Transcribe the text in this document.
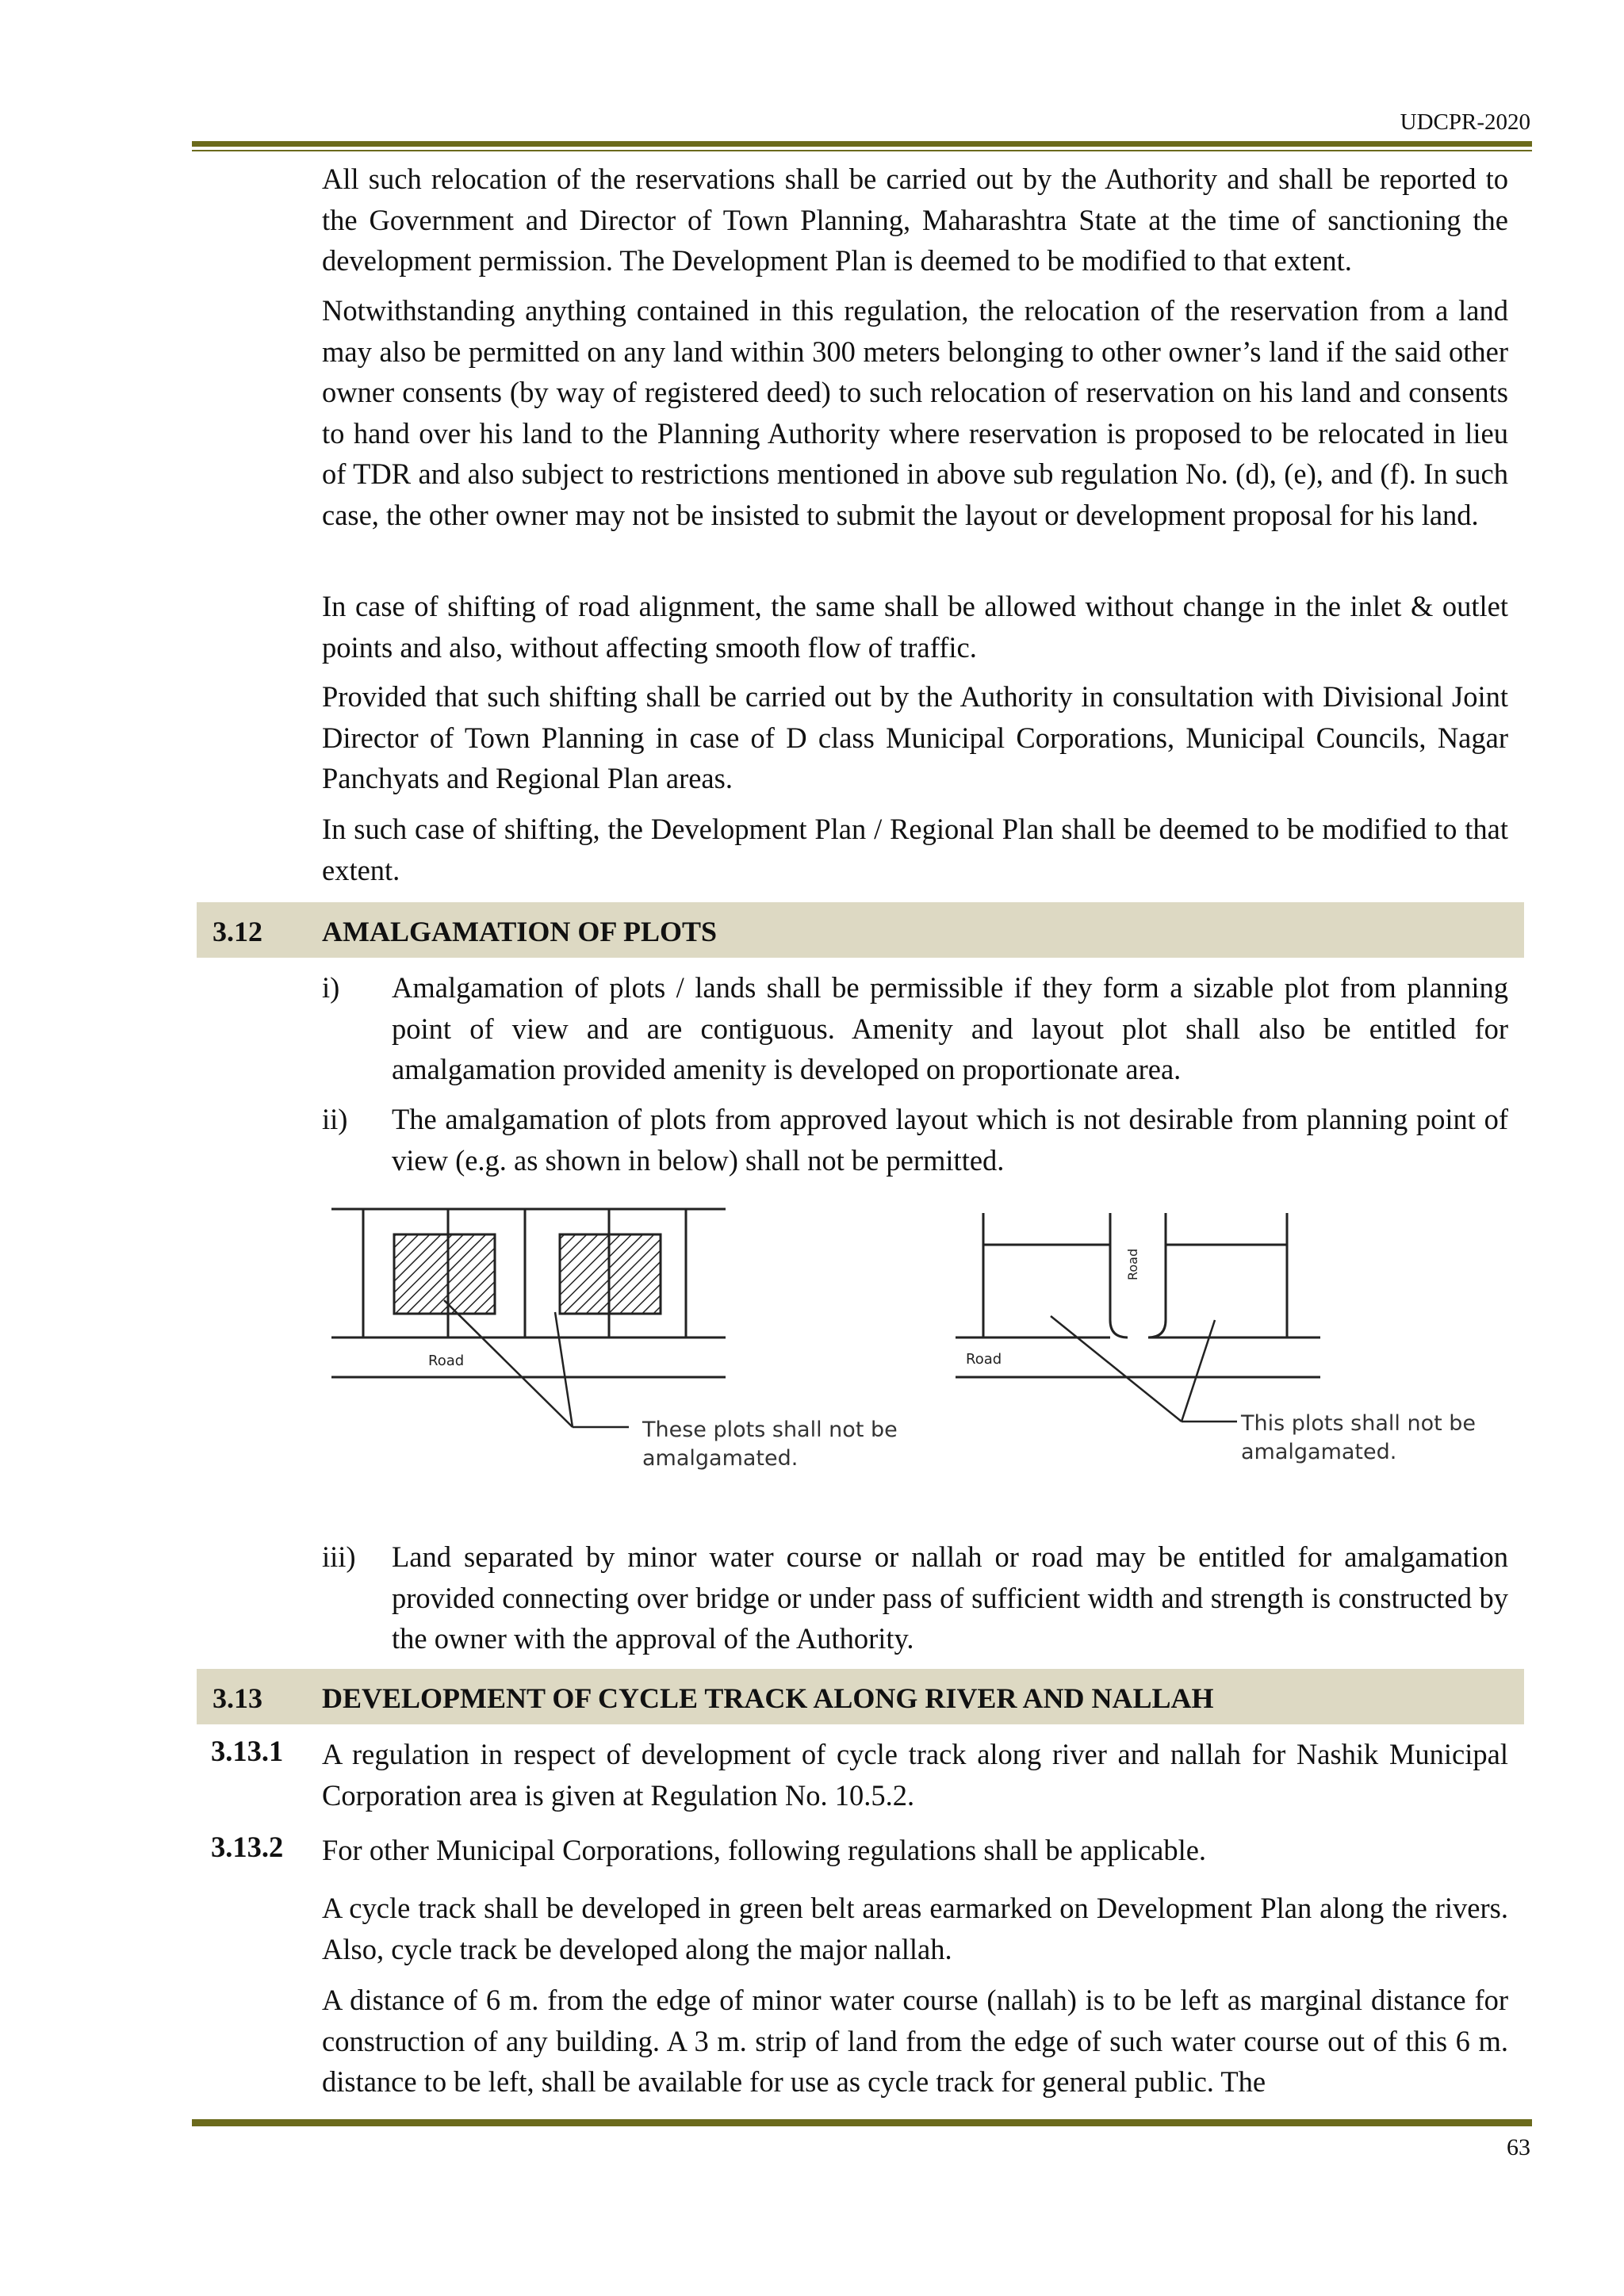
UDCPR-2020

All such relocation of the reservations shall be carried out by the Authority and shall be reported to the Government and Director of Town Planning, Maharashtra State at the time of sanctioning the development permission. The Development Plan is deemed to be modified to that extent.

Notwithstanding anything contained in this regulation, the relocation of the reservation from a land may also be permitted on any land within 300 meters belonging to other owner’s land if the said other owner consents (by way of registered deed) to such relocation of reservation on his land and consents to hand over his land to the Planning Authority where reservation is proposed to be relocated in lieu of TDR and also subject to restrictions mentioned in above sub regulation No. (d), (e), and (f). In such case, the other owner may not be insisted to submit the layout or development proposal for his land.

In case of shifting of road alignment, the same shall be allowed without change in the inlet & outlet points and also, without affecting smooth flow of traffic.

Provided that such shifting shall be carried out by the Authority in consultation with Divisional Joint Director of Town Planning in case of D class Municipal Corporations, Municipal Councils, Nagar Panchyats and Regional Plan areas.

In such case of shifting, the Development Plan / Regional Plan shall be deemed to be modified to that extent.

3.12 AMALGAMATION OF PLOTS
i) Amalgamation of plots / lands shall be permissible if they form a sizable plot from planning point of view and are contiguous. Amenity and layout plot shall also be entitled for amalgamation provided amenity is developed on proportionate area.
ii) The amalgamation of plots from approved layout which is not desirable from planning point of view (e.g. as shown in below) shall not be permitted.
Road
These plots shall not be
amalgamated.
Road
Road
This plots shall not be
amalgamated.
iii) Land separated by minor water course or nallah or road may be entitled for amalgamation provided connecting over bridge or under pass of sufficient width and strength is constructed by the owner with the approval of the Authority.
3.13 DEVELOPMENT OF CYCLE TRACK ALONG RIVER AND NALLAH
3.13.1 A regulation in respect of development of cycle track along river and nallah for Nashik Municipal Corporation area is given at Regulation No. 10.5.2.

3.13.2 For other Municipal Corporations, following regulations shall be applicable.

A cycle track shall be developed in green belt areas earmarked on Development Plan along the rivers. Also, cycle track be developed along the major nallah.

A distance of 6 m. from the edge of minor water course (nallah) is to be left as marginal distance for construction of any building. A 3 m. strip of land from the edge of such water course out of this 6 m. distance to be left, shall be available for use as cycle track for general public. The

63
